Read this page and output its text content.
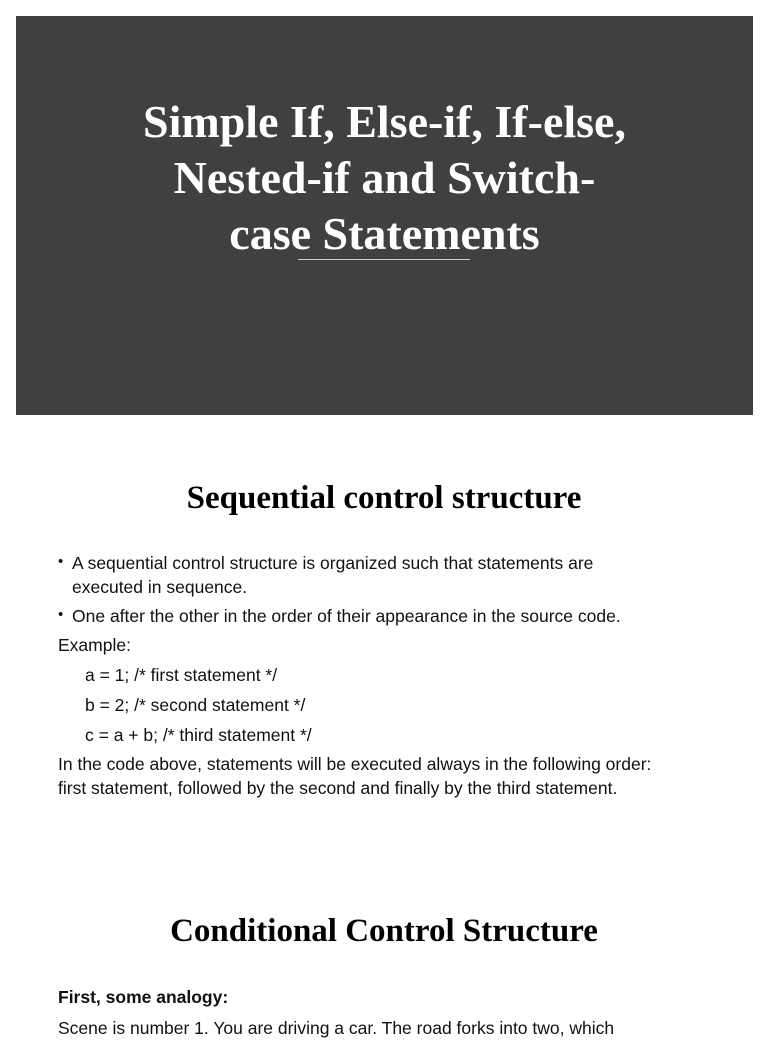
Simple If, Else-if, If-else,
Nested-if and Switch-
case Statements
Sequential control structure
• A sequential control structure is organized such that statements are
executed in sequence.
• One after the other in the order of their appearance in the source code.
Example:
a = 1; /* first statement */
b = 2; /* second statement */
c = a + b; /* third statement */
In the code above, statements will be executed always in the following order:
first statement, followed by the second and finally by the third statement.
Conditional Control Structure
First, some analogy:
Scene is number 1. You are driving a car. The road forks into two, which
